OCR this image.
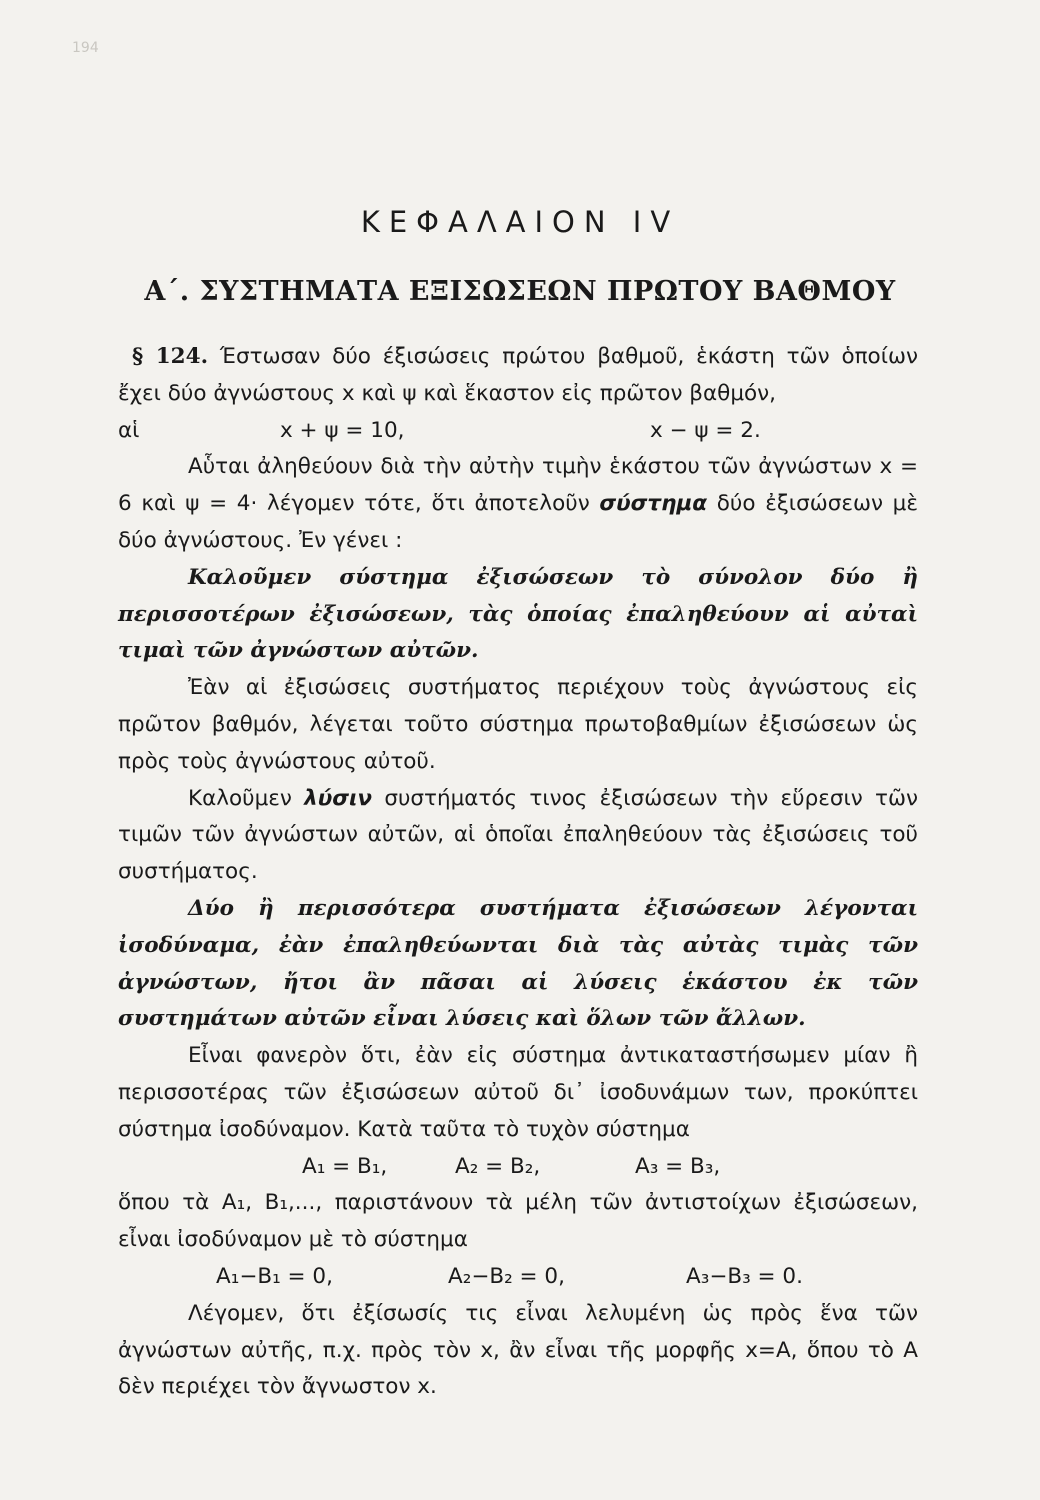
194
ΚΕΦΑΛΑΙΟΝ IV
Α΄. ΣΥΣΤΗΜΑΤΑ ΕΞΙΣΩΣΕΩΝ ΠΡΩΤΟΥ ΒΑΘΜΟΥ

§ 124. Έστωσαν δύο έξισώσεις πρώτου βαθμοῦ, ἑκάστη τῶν ὁποίων ἔχει δύο ἀγνώστους x καὶ ψ καὶ ἕκαστον εἰς πρῶτον βαθμόν,

αἱ	x + ψ = 10,	x − ψ = 2.

Αὗται ἀληθεύουν διὰ τὴν αὐτὴν τιμὴν ἑκάστου τῶν ἀγνώστων x = 6 καὶ ψ = 4· λέγομεν τότε, ὅτι ἀποτελοῦν σύστημα δύο ἐξισώσεων μὲ δύο ἀγνώστους. Ἐν γένει :

Καλοῦμεν σύστημα ἐξισώσεων τὸ σύνολον δύο ἢ περισσοτέρων ἐξισώσεων, τὰς ὁποίας ἐπαληθεύουν αἱ αὐταὶ τιμαὶ τῶν ἀγνώστων αὐτῶν.

Ἐὰν αἱ ἐξισώσεις συστήματος περιέχουν τοὺς ἀγνώστους εἰς πρῶτον βαθμόν, λέγεται τοῦτο σύστημα πρωτοβαθμίων ἐξισώσεων ὡς πρὸς τοὺς ἀγνώστους αὐτοῦ.

Καλοῦμεν λύσιν συστήματός τινος ἐξισώσεων τὴν εὕρεσιν τῶν τιμῶν τῶν ἀγνώστων αὐτῶν, αἱ ὁποῖαι ἐπαληθεύουν τὰς ἐξισώσεις τοῦ συστήματος.

Δύο ἢ περισσότερα συστήματα ἐξισώσεων λέγονται ἰσοδύναμα, ἐὰν ἐπαληθεύωνται διὰ τὰς αὐτὰς τιμὰς τῶν ἀγνώστων, ἤτοι ἂν πᾶσαι αἱ λύσεις ἑκάστου ἐκ τῶν συστημάτων αὐτῶν εἶναι λύσεις καὶ ὅλων τῶν ἄλλων.

Εἶναι φανερὸν ὅτι, ἐὰν εἰς σύστημα ἀντικαταστήσωμεν μίαν ἢ περισσοτέρας τῶν ἐξισώσεων αὐτοῦ δι᾽ ἰσοδυνάμων των, προκύπτει σύστημα ἰσοδύναμον. Κατὰ ταῦτα τὸ τυχὸν σύστημα

A₁ = B₁,	A₂ = B₂,	A₃ = B₃,

ὅπου τὰ A₁, B₁,..., παριστάνουν τὰ μέλη τῶν ἀντιστοίχων ἐξισώσεων, εἶναι ἰσοδύναμον μὲ τὸ σύστημα

A₁−B₁ = 0,	A₂−B₂ = 0,	A₃−B₃ = 0.

Λέγομεν, ὅτι ἐξίσωσίς τις εἶναι λελυμένη ὡς πρὸς ἕνα τῶν ἀγνώστων αὐτῆς, π.χ. πρὸς τὸν x, ἂν εἶναι τῆς μορφῆς x=A, ὅπου τὸ A δὲν περιέχει τὸν ἄγνωστον x.
